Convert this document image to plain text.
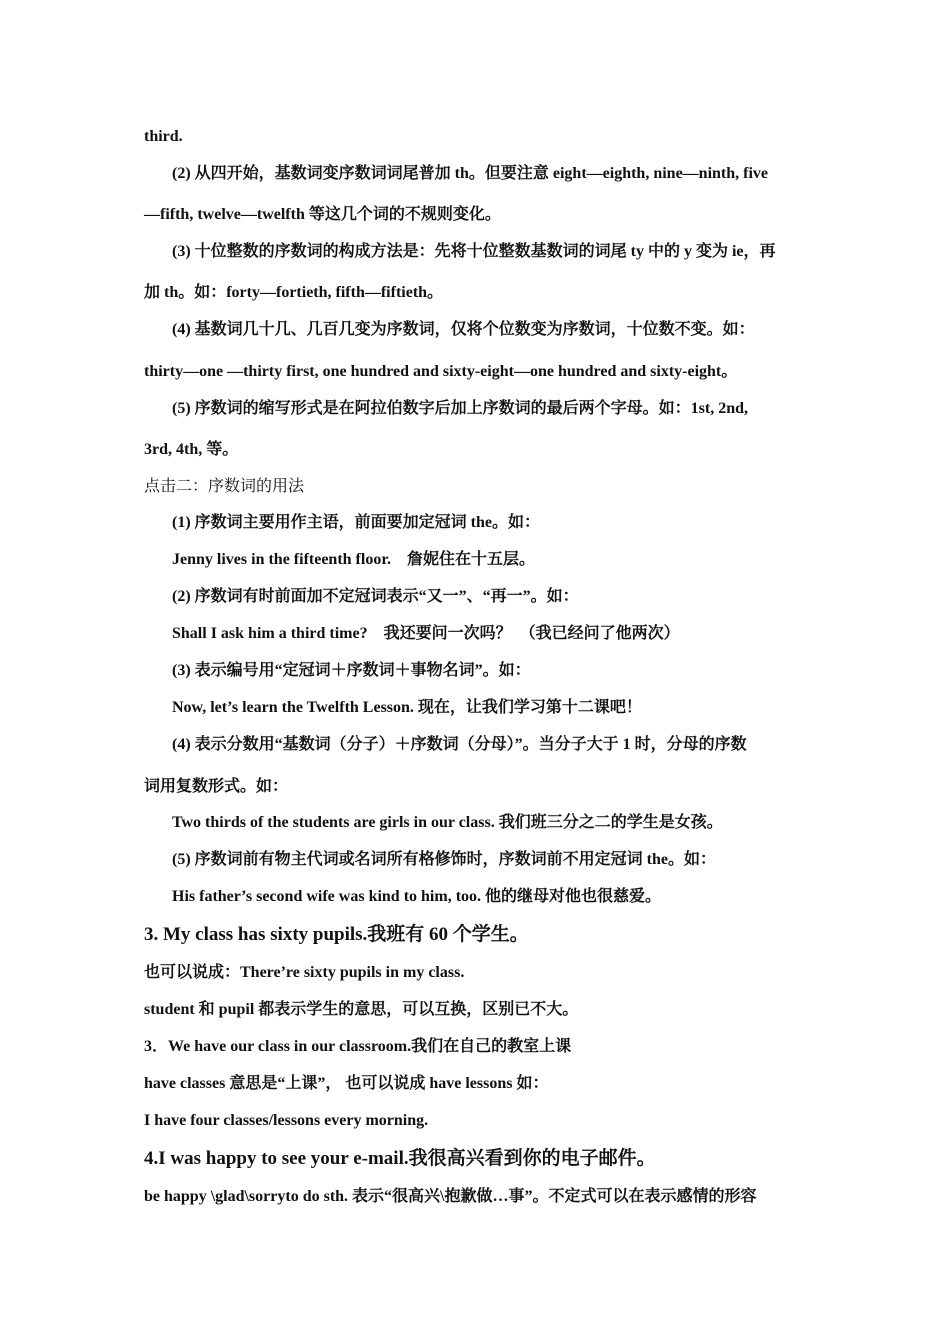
third.
(2) 从四开始，基数词变序数词词尾普加 th。但要注意 eight—eighth, nine—ninth, five
—fifth, twelve—twelfth 等这几个词的不规则变化。
(3) 十位整数的序数词的构成方法是：先将十位整数基数词的词尾 ty 中的 y 变为 ie，再
加 th。如：forty—fortieth, fifth—fiftieth。
(4) 基数词几十几、几百几变为序数词，仅将个位数变为序数词，十位数不变。如：
thirty—one —thirty first, one hundred and sixty-eight—one hundred and sixty-eight。
(5) 序数词的缩写形式是在阿拉伯数字后加上序数词的最后两个字母。如：1st, 2nd,
3rd, 4th, 等。
点击二：序数词的用法
(1) 序数词主要用作主语，前面要加定冠词 the。如：
Jenny lives in the fifteenth floor.　詹妮住在十五层。
(2) 序数词有时前面加不定冠词表示“又一”、“再一”。如：
Shall I ask him a third time?　我还要问一次吗？　（我已经问了他两次）
(3) 表示编号用“定冠词＋序数词＋事物名词”。如：
Now, let’s learn the Twelfth Lesson. 现在，让我们学习第十二课吧！
(4) 表示分数用“基数词（分子）＋序数词（分母）”。当分子大于 1 时，分母的序数
词用复数形式。如：
Two thirds of the students are girls in our class. 我们班三分之二的学生是女孩。
(5) 序数词前有物主代词或名词所有格修饰时，序数词前不用定冠词 the。如：
His father’s second wife was kind to him, too. 他的继母对他也很慈爱。
3. My class has sixty pupils.我班有 60 个学生。
也可以说成：There’re sixty pupils in my class.
student 和 pupil 都表示学生的意思，可以互换，区别已不大。
3．We have our class in our classroom.我们在自己的教室上课
have classes 意思是“上课”， 也可以说成 have lessons 如：
I have four classes/lessons every morning.
4.I was happy to see your e-mail.我很高兴看到你的电子邮件。
be happy \glad\sorryto do sth. 表示“很高兴\抱歉做…事”。不定式可以在表示感情的形容
